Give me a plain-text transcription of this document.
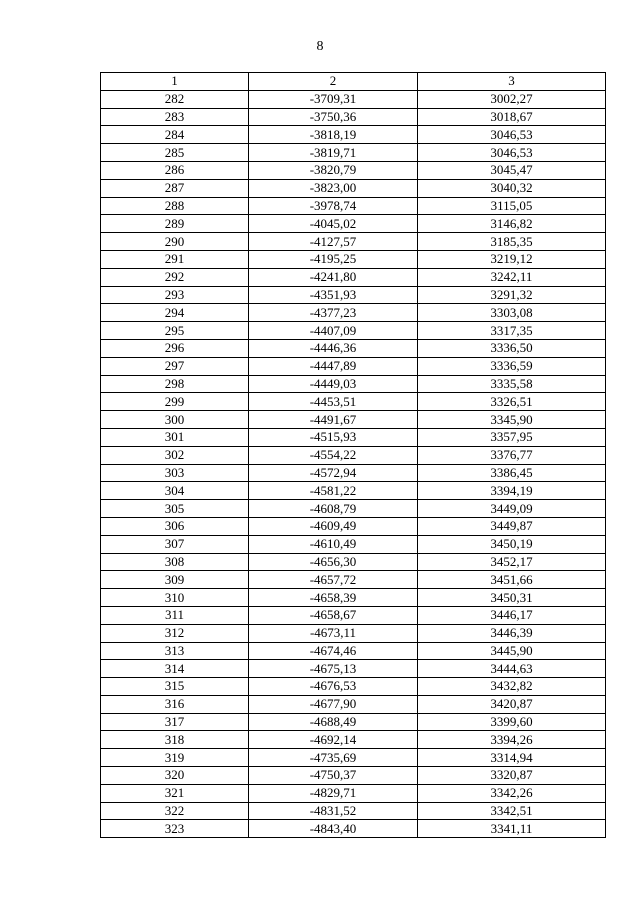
8
1	2	3
282	-3709,31	3002,27
283	-3750,36	3018,67
284	-3818,19	3046,53
285	-3819,71	3046,53
286	-3820,79	3045,47
287	-3823,00	3040,32
288	-3978,74	3115,05
289	-4045,02	3146,82
290	-4127,57	3185,35
291	-4195,25	3219,12
292	-4241,80	3242,11
293	-4351,93	3291,32
294	-4377,23	3303,08
295	-4407,09	3317,35
296	-4446,36	3336,50
297	-4447,89	3336,59
298	-4449,03	3335,58
299	-4453,51	3326,51
300	-4491,67	3345,90
301	-4515,93	3357,95
302	-4554,22	3376,77
303	-4572,94	3386,45
304	-4581,22	3394,19
305	-4608,79	3449,09
306	-4609,49	3449,87
307	-4610,49	3450,19
308	-4656,30	3452,17
309	-4657,72	3451,66
310	-4658,39	3450,31
311	-4658,67	3446,17
312	-4673,11	3446,39
313	-4674,46	3445,90
314	-4675,13	3444,63
315	-4676,53	3432,82
316	-4677,90	3420,87
317	-4688,49	3399,60
318	-4692,14	3394,26
319	-4735,69	3314,94
320	-4750,37	3320,87
321	-4829,71	3342,26
322	-4831,52	3342,51
323	-4843,40	3341,11
